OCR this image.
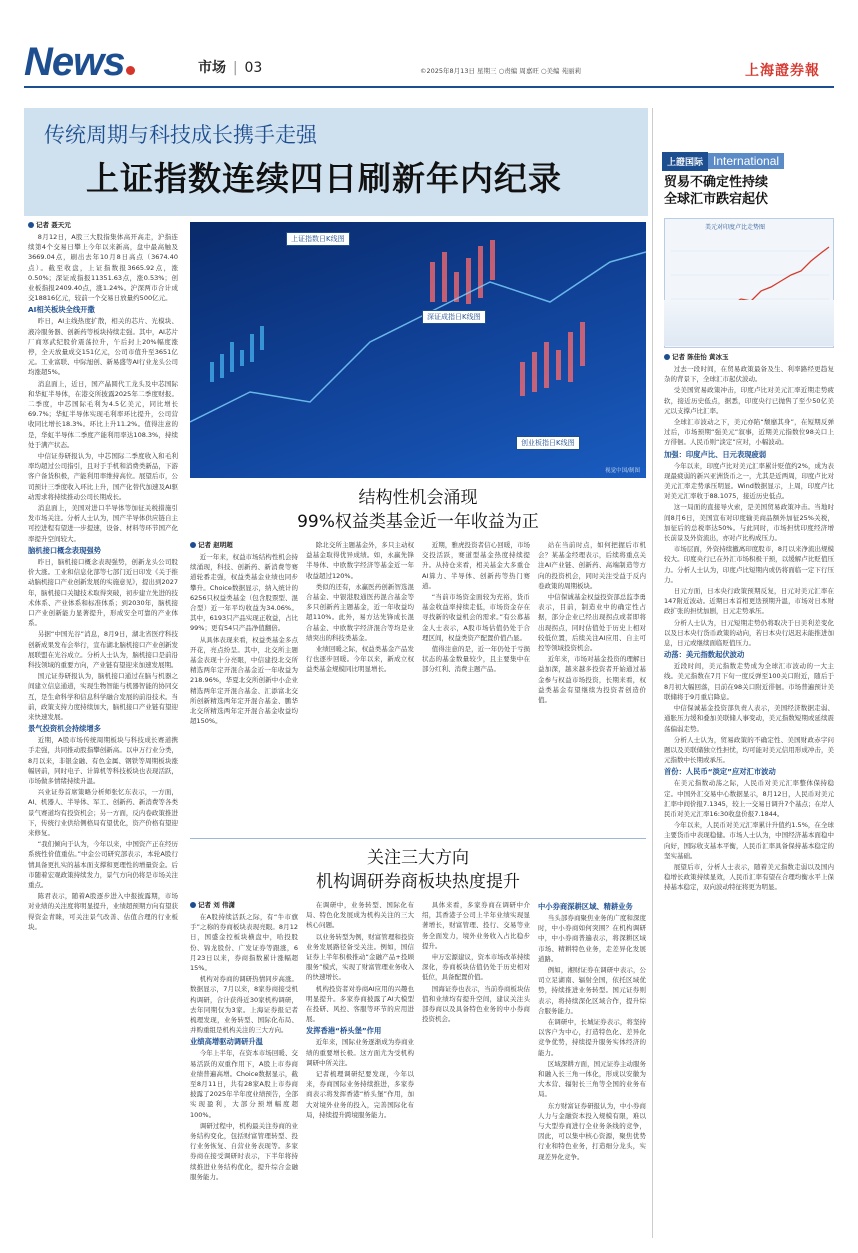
News	市场 | 03	©2025年8月13日 星期三 ○责编 周嘉旺 ○美编 苑丽莉	上海證券報
传统周期与科技成长携手走强
上证指数连续四日刷新年内纪录
记者 聂天元

8月12日，A股三大股指集体高开高走，沪指连续第4个交易日攀上今年以来新高，盘中最高触及3669.04点，刷出去年10月8日高点（3674.40点）。截至收盘，上证指数报3665.92点，涨0.50%；深证成指报11351.63点，涨0.53%；创业板指报2409.40点，涨1.24%。沪深两市合计成交18816亿元，较前一个交易日放量约500亿元。

AI相关板块全线开撒

昨日，AI主线热度扩散，相关的芯片、光模块、液冷服务器、创新药等板块持续走强。其中，AI芯片厂商寒武纪股价震荡拉升，午后封上20%幅度涨停，全天放量成交151亿元，公司市值升至3651亿元。工业富联、中际旭创、新易盛等AI行业龙头公司均涨超5%。

消息面上，近日，国产晶圆代工龙头及中芯国际和华虹半导体，在港交所披露2025年二季度财报。二季度，中芯国际毛利为4.5亿美元，同比增长69.7%；华虹半导体实现毛利率环比提升，公司营收同比增长18.3%。环比上升11.2%。值得注意的是，华虹半导体二季度产能利用率达108.3%，持续处于满产状态。

中信证券研报认为，中芯国际二季度收入和毛利率均超过公司指引，且对于手机和消费类新品，下游客户备货积极，产能利用率维持高位。展望后市，公司预计三季度收入环比上升，国产化替代加速及AI驱动需求将持续推动公司长期成长。

消息面上，美国对进口半导体等加征关税措施引发市场关注。分析人士认为，国产半导体供应链自主可控进程有望进一步提速，设备、材料等环节国产化率提升空间较大。

脑机接口概念表现强势

昨日，脑机接口概念表现强势，创新龙头公司股价大涨。工业和信息化部等七部门近日印发《关于推动脑机接口产业创新发展的实施意见》，提出到2027年，脑机接口关键技术取得突破，初步建立先进的技术体系、产业体系和标准体系；到2030年，脑机接口产业创新能力显著提升，形成安全可靠的产业体系。

另据“中国光谷”消息，8月9日，湖北省医疗科技创新成果发布会举行，宣布湖北脑机接口产业创新发展联盟在光谷成立。分析人士认为，脑机接口是前沿科技领域的重要方向，产业链有望迎来加速发展期。

国元证券研报认为，脑机接口通过在脑与机器之间建立信息通道，实现生物智能与机器智能的协同交互，是生命科学和信息科学融合发展的前沿技术。当前，政策支持力度持续加大，脑机接口产业链有望迎来快速发展。

景气投资机会持续增多

近期，A股市场传统周期板块与科技成长赛道携手走强，共同推动股指攀创新高。以申万行业分类，8月以来，非银金融、有色金属、钢铁等周期板块涨幅居前，同时电子、计算机等科技板块也表现活跃，市场做多情绪持续升温。

兴业证券首席策略分析师张忆东表示，一方面，AI、机器人、半导体、军工、创新药、新消费等各类景气赛道均有投资机会；另一方面，反内卷政策推进下，传统行业供给侧格局有望优化，资产价格有望迎来修复。

“我们倾向于认为，今年以来，中国资产正在经历系统性价值重估。”中金公司研究部表示，本轮A股行情具备更扎实的基本面支撑和更理性的增量资金。后市随着宏观政策持续发力，景气方向仍将是市场关注重点。

陈君表示，随着A股逐步进入中报披露期，市场对业绩的关注度将明显提升，业绩超预期方向有望获得资金青睐，可关注景气改善、估值合理的行业板块。

上证指数日K线图
深证成指日K线图
创业板指日K线图
视觉中国/制图
结构性机会涌现
99%权益类基金近一年收益为正
记者 赵明超

近一年来，权益市场结构性机会持续涌现，科技、创新药、新消费等赛道轮番走强，权益类基金业绩也同步攀升。Choice数据显示，纳入统计的6256只权益类基金（包含股票型、混合型）近一年平均收益为34.06%。其中，6193只产品实现正收益，占比99%；更有54只产品净值翻倍。

从具体表现来看，权益类基金多点开花，亮点纷呈。其中，北交所主题基金表现十分亮眼，中信建投北交所精选两年定开混合基金近一年收益为218.96%，华夏北交所创新中小企业精选两年定开混合基金、汇添富北交所创新精选两年定开混合基金、鹏华北交所精选两年定开混合基金收益均超150%。

除北交所主题基金外，多只主动权益基金取得优异成绩。如，永赢先锋半导体、中欧数字经济等基金近一年收益超过120%。

类似的还有，永赢医药创新智选混合基金、中银港股通医药混合基金等多只创新药主题基金，近一年收益均超110%。此外，易方达先锋成长混合基金、中欧数字经济混合等均是业绩突出的科技类基金。

业绩回暖之际，权益类基金产品发行也逐步回暖。今年以来，新成立权益类基金规模同比明显增长。

近期，雅虎投资者信心回暖，市场交投活跃，赛道型基金热度持续提升。从持仓来看，相关基金大多重仓AI算力、半导体、创新药等热门赛道。

“当前市场资金面较为充裕，货币基金收益率持续走低，市场资金存在寻找新的收益机会的需求。”有公募基金人士表示，A股市场估值仍处于合理区间，权益类资产配置价值凸显。

值得注意的是，近一年仍处于亏损状态的基金数量较少，且主要集中在部分红利、消费主题产品。

站在当前时点，如何把握后市机会？某基金经理表示，后续将重点关注AI产业链、创新药、高端制造等方向的投资机会，同时关注受益于反内卷政策的周期板块。

中信保诚基金权益投资部总监李勇表示，目前，制造业中的确定性占据，部分企业已经出现拐点或者即将出现拐点，同时估值处于历史上相对较低位置，后续关注AI应用、自主可控等领域投资机会。

近年来，市场对基金投资的理解日益加深，越来越多投资者开始通过基金参与权益市场投资，长期来看，权益类基金有望继续为投资者创造价值。

关注三大方向
机构调研券商板块热度提升
记者 刘 伟潇

在A股持续活跃之际，有“牛市旗手”之称的券商板块表现亮眼。8月12日，国盛金控板块横盘中，哈投股份、锦龙股份、广发证券等跟涨，6月23日以来，券商指数累计涨幅超15%。

机构对券商的调研热情同步高涨。数据显示，7月以来，8家券商接受机构调研，合计获得近30家机构调研，去年同期仅为3家。上海证券报记者梳理发现，业务转型、国际化布局、并购重组是机构关注的三大方向。

业绩高增驱动调研升温

今年上半年，在资本市场回暖、交易活跃的双重作用下，A股上市券商业绩普遍高增。Choice数据显示，截至8月11日，共有28家A股上市券商披露了2025年半年度业绩预告，全部实现盈利，大部分预增幅度超100%。

调研过程中，机构最关注券商的业务结构变化，包括财富管理转型、投行业务恢复、自营业务表现等。多家券商在接受调研时表示，下半年将持续推进业务结构优化，提升综合金融服务能力。

在调研中，业务转型、国际化布局、特色化发展成为机构关注的三大核心问题。

以业务转型为例，财富管理和投资业务发展路径备受关注。例如，国信证券上半年积极推动“金融产品+投顾服务”模式，实现了财富管理业务收入的快速增长。

机构投资者对券商AI应用的兴趣也明显提升。多家券商披露了AI大模型在投研、风控、客服等环节的应用进展。

发挥香港“桥头堡”作用

近年来，国际业务逐渐成为券商业绩的重要增长极。这方面尤为受机构调研中所关注。

记者梳理调研纪要发现，今年以来，券商国际业务持续推进，多家券商表示将发挥香港“桥头堡”作用，加大对境外业务的投入，完善国际化布局，持续提升跨境服务能力。

具体来看，多家券商在调研中介绍，其香港子公司上半年业绩实现显著增长，财富管理、投行、交易等业务全面发力，境外业务收入占比稳步提升。

申万宏源建议，资本市场改革持续深化，券商板块估值仍处于历史相对低位，具备配置价值。

国海证券也表示，当前券商板块估值和业绩均有提升空间，建议关注头部券商以及具备特色业务的中小券商投资机会。

中小券商深耕区域、精耕业务

当头部券商聚焦业务的广度和深度时，中小券商如何突围？在机构调研中，中小券商普遍表示，将深耕区域市场、精耕特色业务，走差异化发展道路。

例如，湘财证券在调研中表示，公司立足湖南、辐射全国，依托区域优势，持续推进业务转型。国元证券则表示，将持续深化区域合作，提升综合服务能力。

在调研中，长城证券表示，将坚持以客户为中心，打造特色化、差异化竞争优势，持续提升服务实体经济的能力。

区域深耕方面，国元证券主动服务和融入长三角一体化，形成以安徽为大本营、辐射长三角等全国的业务布局。

东方财富证券研报认为，中小券商人力与金融资本投入规模有限，难以与大型券商进行全业务条线的竞争，因此，可以集中核心资源，聚焦优势行业和特色业务，打造细分龙头，实现差异化竞争。

上證国际 International
贸易不确定性持续
全球汇市跌宕起伏
美元对印度卢比走势图
记者 陈佳怡 黄冰玉

过去一段时间，在贸易政策最备及生、利率路经更趋复杂的背景下，全球汇市起伏波动。

受美国贸易政策冲击，印度卢比对美元汇率近期走势疲软，接近历史低点，据悉，印度央行已抛售了至少50亿美元以支撑卢比汇率。

全球汇市波动之下，美元亦陷“颓靡其身”，在短期反弹过后，市场预期“强美元”叙事，近期美元指数位98关口上方徘徊。人民币则“淡定”应对，小幅波动。

加强：印度卢比、日元表现疲弱

今年以来，印度卢比对美元汇率累计贬值约2%，成为表现最疲弱的新兴亚洲货币之一，尤其是近两周，印度卢比对美元汇率走势承压明显。Wind数据显示，上周，印度卢比对美元汇率收于88.1075，接近历史低点。

这一局面的直接导火索，是美国贸易政策冲击。当地时间8月6日，美国宣布对印度输美商品额外加征25%关税，加征后的总税率达50%。与此同时，市场担忧印度经济增长前景及外资流出，亦对卢比构成压力。

市场层面，外资持续撤离印度股市，8月以来净流出规模较大。印度央行已在外汇市场积极干预，以缓解卢比贬值压力。分析人士认为，印度卢比短期内或仍将面临一定下行压力。

日元方面，日本央行政策预期反复，日元对美元汇率在147附近波动。近期日本首相更迭预期升温，市场对日本财政扩张的担忧加剧，日元走势承压。

分析人士认为，日元短期走势仍将取决于日美利差变化以及日本央行货币政策的动向，若日本央行迟迟未能推进加息，日元或继续面临贬值压力。

动荡：美元指数起伏波动

近段时间，美元指数走势成为全球汇市波动的一大主线。美元指数在7月下旬一度反弹至100关口附近，随后于8月初大幅回落，目前在98关口附近徘徊。市场普遍预计美联储将于9月重启降息。

中信保诚基金投资部负责人表示，美国经济数据走弱、通胀压力缓和叠加美联储人事变动，美元指数短期或延续震荡偏弱走势。

分析人士认为，贸易政策的不确定性、美国财政赤字问题以及美联储独立性担忧，均可能对美元信用形成冲击，美元指数中长期或承压。

首份：人民币“淡定”应对汇市波动

在美元指数动荡之际，人民币对美元汇率整体保持稳定。中国外汇交易中心数据显示，8月12日，人民币对美元汇率中间价报7.1345，较上一交易日调升7个基点；在岸人民币对美元汇率16:30收盘价报7.1844。

今年以来，人民币对美元汇率累计升值约1.5%，在全球主要货币中表现稳健。市场人士认为，中国经济基本面稳中向好，国际收支基本平衡，人民币汇率具备保持基本稳定的坚实基础。

展望后市，分析人士表示，随着美元指数走弱以及国内稳增长政策持续显效，人民币汇率有望在合理均衡水平上保持基本稳定，双向波动特征将更为明显。
